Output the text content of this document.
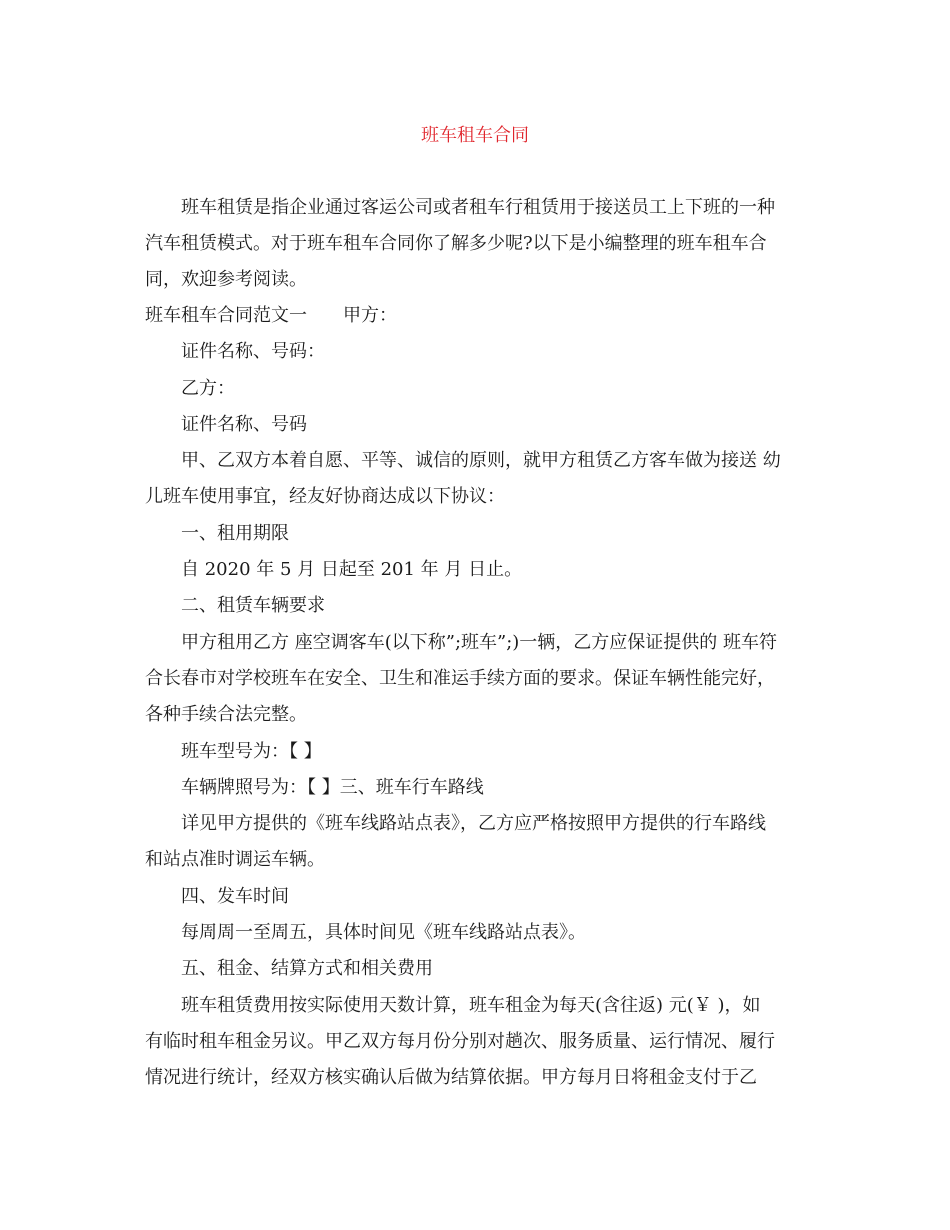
班车租车合同
班车租赁是指企业通过客运公司或者租车行租赁用于接送员工上下班的一种
汽车租赁模式。对于班车租车合同你了解多少呢?以下是小编整理的班车租车合
同，欢迎参考阅读。
班车租车合同范文一 甲方：
证件名称、号码：
乙方：
证件名称、号码
甲、乙双方本着自愿、平等、诚信的原则，就甲方租赁乙方客车做为接送 幼
儿班车使用事宜，经友好协商达成以下协议：
一、租用期限
自 2020 年 5 月 日起至 201 年 月 日止。
二、租赁车辆要求
甲方租用乙方 座空调客车(以下称”;班车”;)一辆，乙方应保证提供的 班车符
合长春市对学校班车在安全、卫生和准运手续方面的要求。保证车辆性能完好，
各种手续合法完整。
班车型号为：【 】
车辆牌照号为：【 】三、班车行车路线
详见甲方提供的《班车线路站点表》，乙方应严格按照甲方提供的行车路线
和站点准时调运车辆。
四、发车时间
每周周一至周五，具体时间见《班车线路站点表》。
五、租金、结算方式和相关费用
班车租赁费用按实际使用天数计算，班车租金为每天(含往返) 元(￥ )，如
有临时租车租金另议。甲乙双方每月份分别对趟次、服务质量、运行情况、履行
情况进行统计，经双方核实确认后做为结算依据。甲方每月日将租金支付于乙
